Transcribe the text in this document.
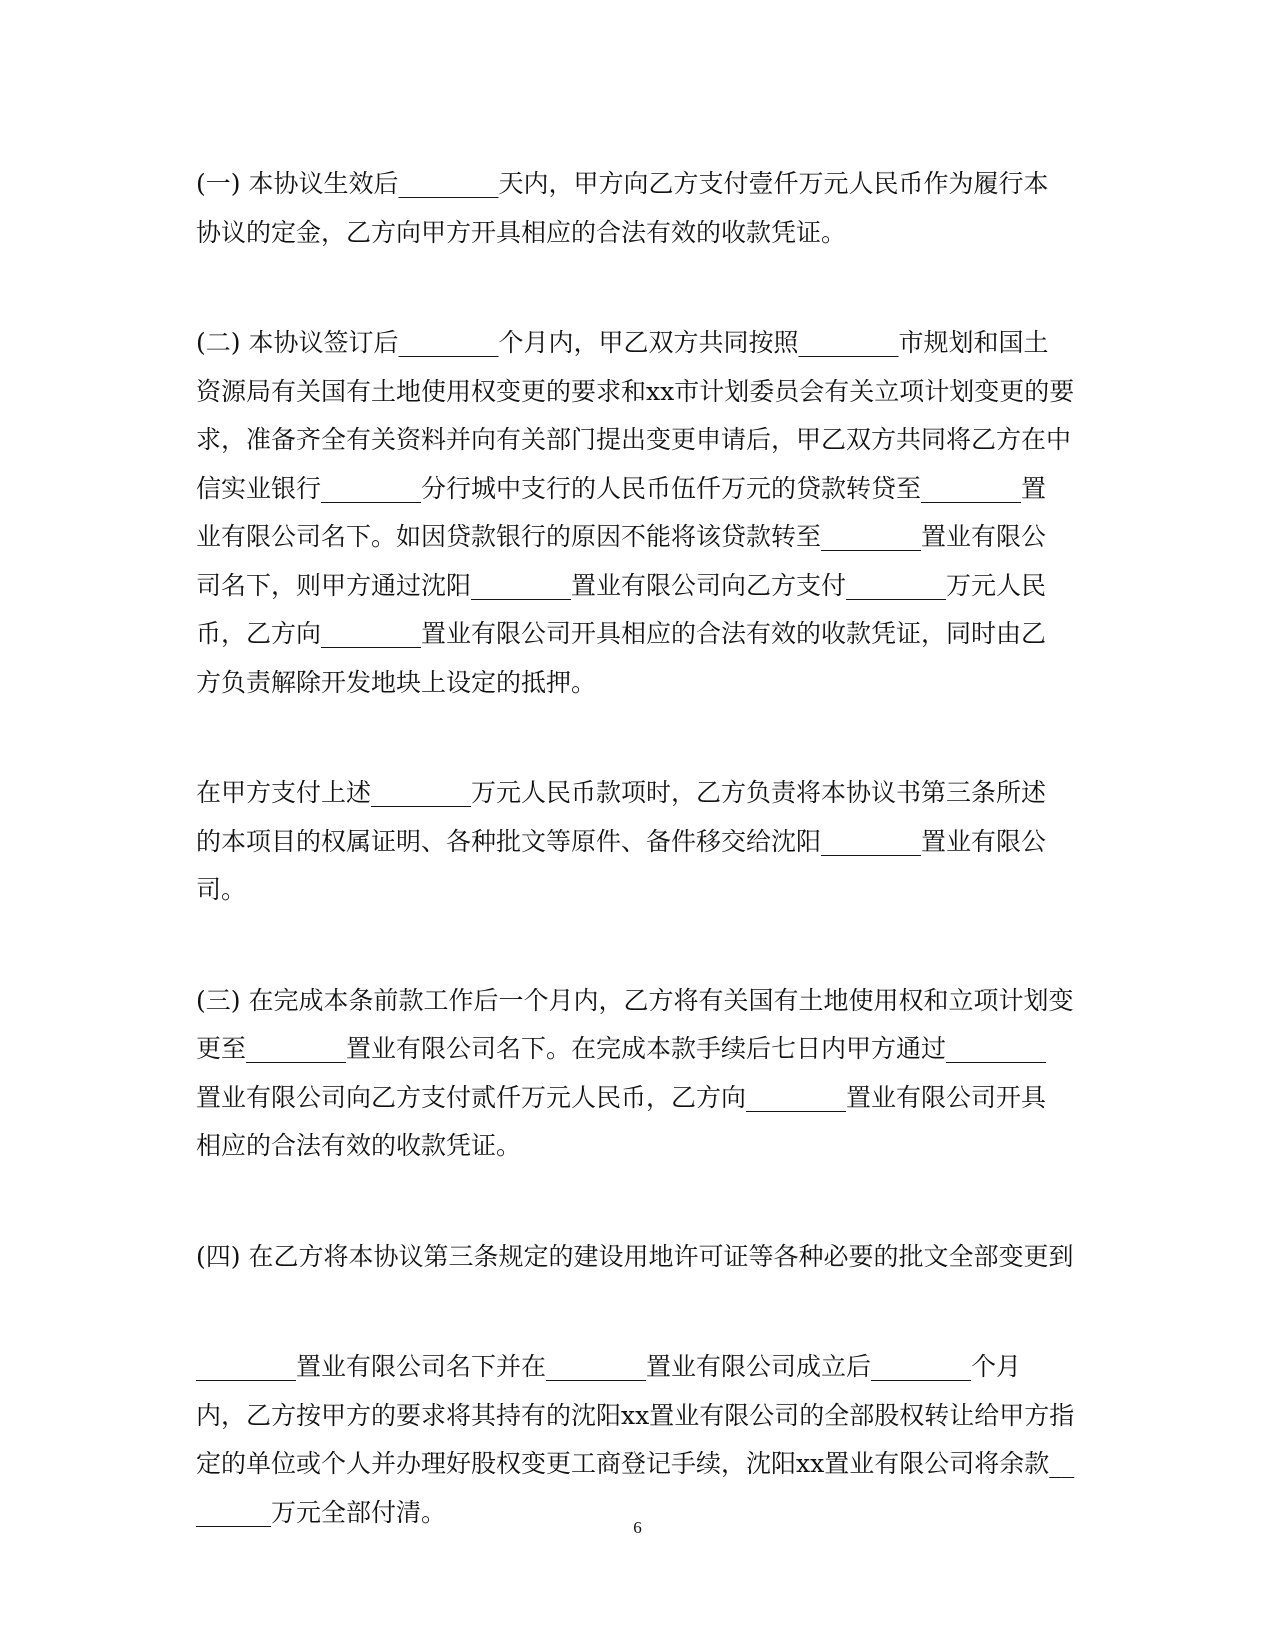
(一) 本协议生效后________天内，甲方向乙方支付壹仟万元人民币作为履行本
协议的定金，乙方向甲方开具相应的合法有效的收款凭证。

(二) 本协议签订后________个月内，甲乙双方共同按照________市规划和国土
资源局有关国有土地使用权变更的要求和xx市计划委员会有关立项计划变更的要
求，准备齐全有关资料并向有关部门提出变更申请后，甲乙双方共同将乙方在中
信实业银行________分行城中支行的人民币伍仟万元的贷款转贷至________置
业有限公司名下。如因贷款银行的原因不能将该贷款转至________置业有限公
司名下，则甲方通过沈阳________置业有限公司向乙方支付________万元人民
币，乙方向________置业有限公司开具相应的合法有效的收款凭证，同时由乙
方负责解除开发地块上设定的抵押。

在甲方支付上述________万元人民币款项时，乙方负责将本协议书第三条所述
的本项目的权属证明、各种批文等原件、备件移交给沈阳________置业有限公
司。

(三) 在完成本条前款工作后一个月内，乙方将有关国有土地使用权和立项计划变
更至________置业有限公司名下。在完成本款手续后七日内甲方通过________
置业有限公司向乙方支付贰仟万元人民币，乙方向________置业有限公司开具
相应的合法有效的收款凭证。

(四) 在乙方将本协议第三条规定的建设用地许可证等各种必要的批文全部变更到

________置业有限公司名下并在________置业有限公司成立后________个月
内，乙方按甲方的要求将其持有的沈阳xx置业有限公司的全部股权转让给甲方指
定的单位或个人并办理好股权变更工商登记手续，沈阳xx置业有限公司将余款__
______万元全部付清。

6
